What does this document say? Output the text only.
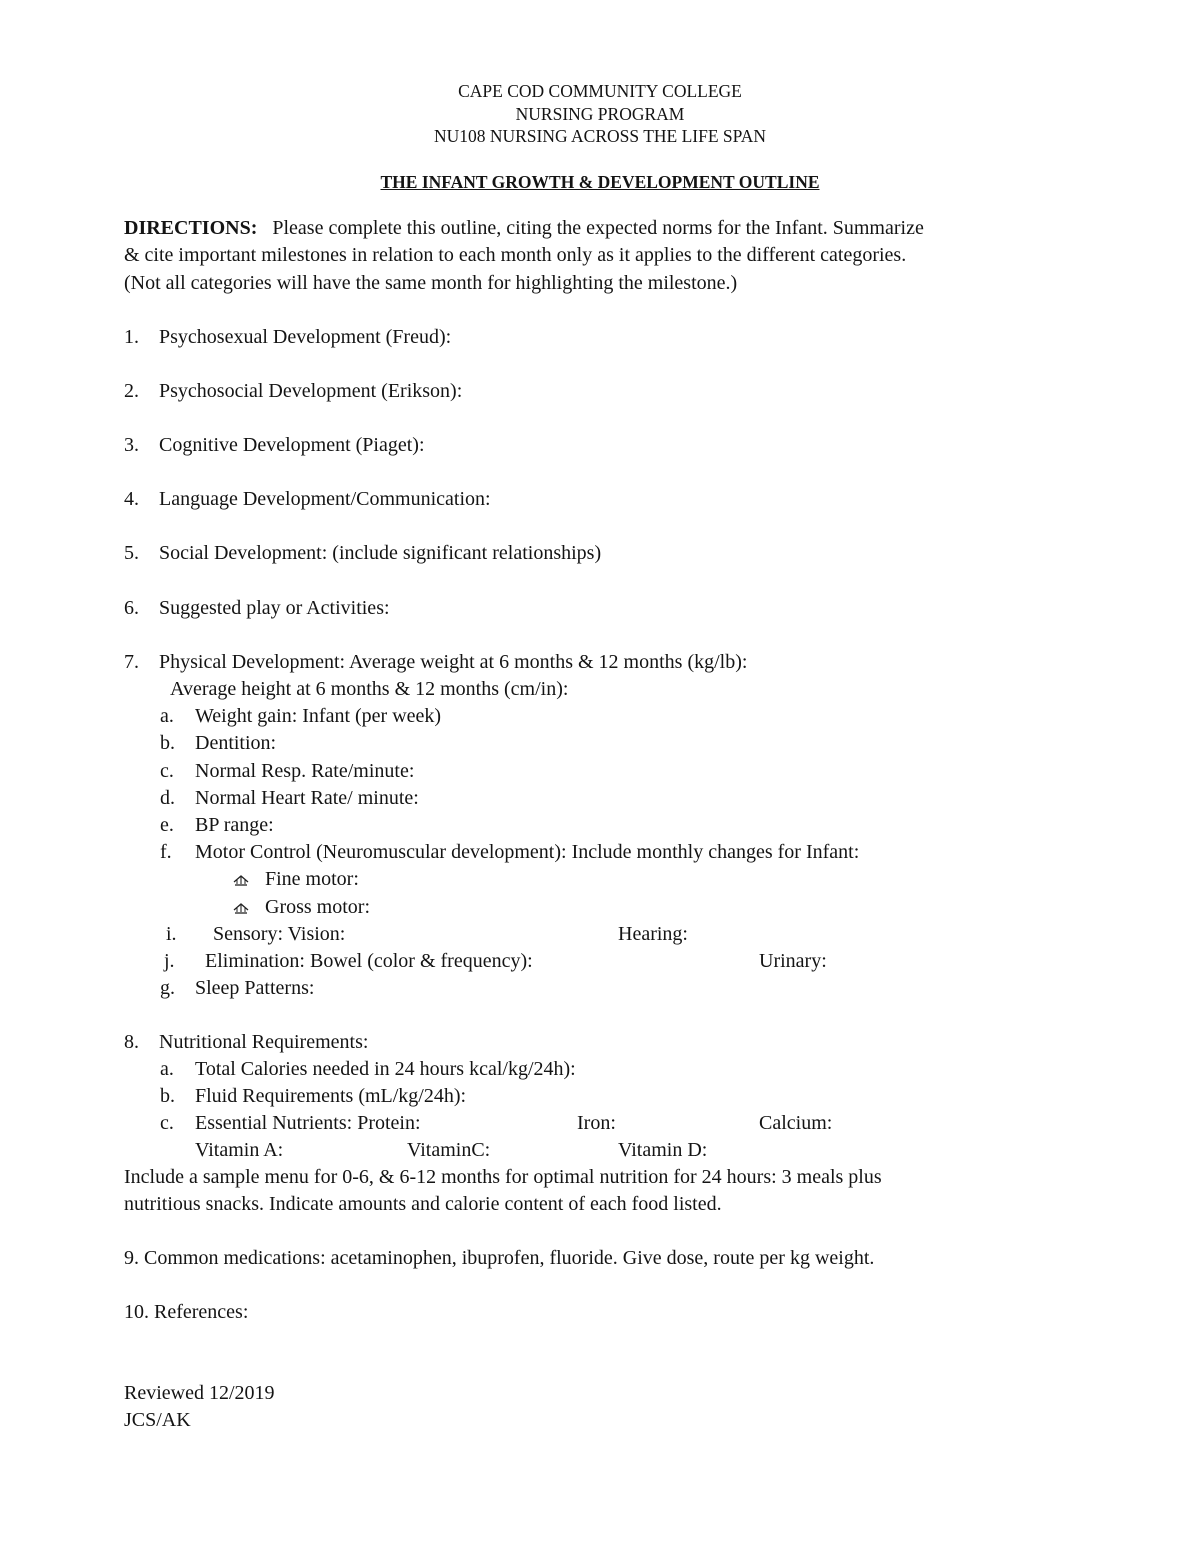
CAPE COD COMMUNITY COLLEGE
NURSING PROGRAM
NU108 NURSING ACROSS THE LIFE SPAN
THE INFANT GROWTH & DEVELOPMENT OUTLINE
DIRECTIONS: Please complete this outline, citing the expected norms for the Infant. Summarize
& cite important milestones in relation to each month only as it applies to the different categories.
(Not all categories will have the same month for highlighting the milestone.)
1. Psychosexual Development (Freud):
2. Psychosocial Development (Erikson):
3. Cognitive Development (Piaget):
4. Language Development/Communication:
5. Social Development: (include significant relationships)
6. Suggested play or Activities:
7. Physical Development: Average weight at 6 months & 12 months (kg/lb):
Average height at 6 months & 12 months (cm/in):
a. Weight gain: Infant (per week)
b. Dentition:
c. Normal Resp. Rate/minute:
d. Normal Heart Rate/ minute:
e. BP range:
f. Motor Control (Neuromuscular development): Include monthly changes for Infant:
Fine motor:
Gross motor:
i. Sensory: Vision:	Hearing:
j. Elimination: Bowel (color & frequency):	Urinary:
g. Sleep Patterns:
8. Nutritional Requirements:
a. Total Calories needed in 24 hours kcal/kg/24h):
b. Fluid Requirements (mL/kg/24h):
c. Essential Nutrients: Protein:	Iron:	Calcium:
Vitamin A:	VitaminC:	Vitamin D:
Include a sample menu for 0-6, & 6-12 months for optimal nutrition for 24 hours: 3 meals plus
nutritious snacks. Indicate amounts and calorie content of each food listed.
9. Common medications: acetaminophen, ibuprofen, fluoride. Give dose, route per kg weight.
10. References:
Reviewed 12/2019
JCS/AK
